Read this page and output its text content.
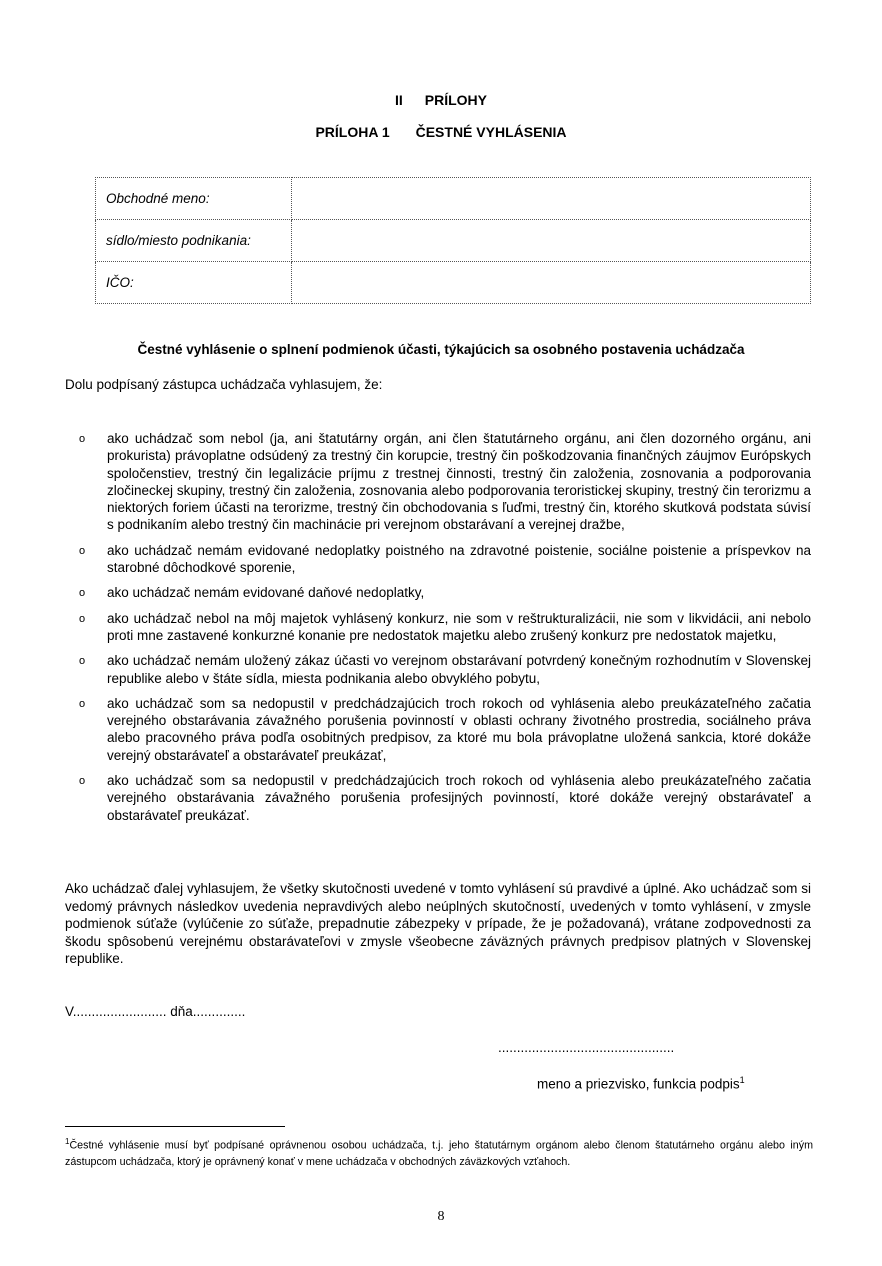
II PRÍLOHY
PRÍLOHA 1 ČESTNÉ VYHLÁSENIA
Obchodné meno:	
sídlo/miesto podnikania:	
IČO:	
Čestné vyhlásenie o splnení podmienok účasti, týkajúcich sa osobného postavenia uchádzača
Dolu podpísaný zástupca uchádzača vyhlasujem, že:
o ako uchádzač som nebol (ja, ani štatutárny orgán, ani člen štatutárneho orgánu, ani člen dozorného orgánu, ani prokurista) právoplatne odsúdený za trestný čin korupcie, trestný čin poškodzovania finančných záujmov Európskych spoločenstiev, trestný čin legalizácie príjmu z trestnej činnosti, trestný čin založenia, zosnovania a podporovania zločineckej skupiny, trestný čin založenia, zosnovania alebo podporovania teroristickej skupiny, trestný čin terorizmu a niektorých foriem účasti na terorizme, trestný čin obchodovania s ľuďmi, trestný čin, ktorého skutková podstata súvisí s podnikaním alebo trestný čin machinácie pri verejnom obstarávaní a verejnej dražbe,
o ako uchádzač nemám evidované nedoplatky poistného na zdravotné poistenie, sociálne poistenie a príspevkov na starobné dôchodkové sporenie,
o ako uchádzač nemám evidované daňové nedoplatky,
o ako uchádzač nebol na môj majetok vyhlásený konkurz, nie som v reštrukturalizácii, nie som v likvidácii, ani nebolo proti mne zastavené konkurzné konanie pre nedostatok majetku alebo zrušený konkurz pre nedostatok majetku,
o ako uchádzač nemám uložený zákaz účasti vo verejnom obstarávaní potvrdený konečným rozhodnutím v Slovenskej republike alebo v štáte sídla, miesta podnikania alebo obvyklého pobytu,
o ako uchádzač som sa nedopustil v predchádzajúcich troch rokoch od vyhlásenia alebo preukázateľného začatia verejného obstarávania závažného porušenia povinností v oblasti ochrany životného prostredia, sociálneho práva alebo pracovného práva podľa osobitných predpisov, za ktoré mu bola právoplatne uložená sankcia, ktoré dokáže verejný obstarávateľ a obstarávateľ preukázať,
o ako uchádzač som sa nedopustil v predchádzajúcich troch rokoch od vyhlásenia alebo preukázateľného začatia verejného obstarávania závažného porušenia profesijných povinností, ktoré dokáže verejný obstarávateľ a obstarávateľ preukázať.
Ako uchádzač ďalej vyhlasujem, že všetky skutočnosti uvedené v tomto vyhlásení sú pravdivé a úplné. Ako uchádzač som si vedomý právnych následkov uvedenia nepravdivých alebo neúplných skutočností, uvedených v tomto vyhlásení, v zmysle podmienok súťaže (vylúčenie zo súťaže, prepadnutie zábezpeky v prípade, že je požadovaná), vrátane zodpovednosti za škodu spôsobenú verejnému obstarávateľovi v zmysle všeobecne záväzných právnych predpisov platných v Slovenskej republike.
V......................... dňa..............
...............................................
meno a priezvisko, funkcia podpis$^1$
$^1$Čestné vyhlásenie musí byť podpísané oprávnenou osobou uchádzača, t.j. jeho štatutárnym orgánom alebo členom štatutárneho orgánu alebo iným zástupcom uchádzača, ktorý je oprávnený konať v mene uchádzača v obchodných záväzkových vzťahoch.
8
